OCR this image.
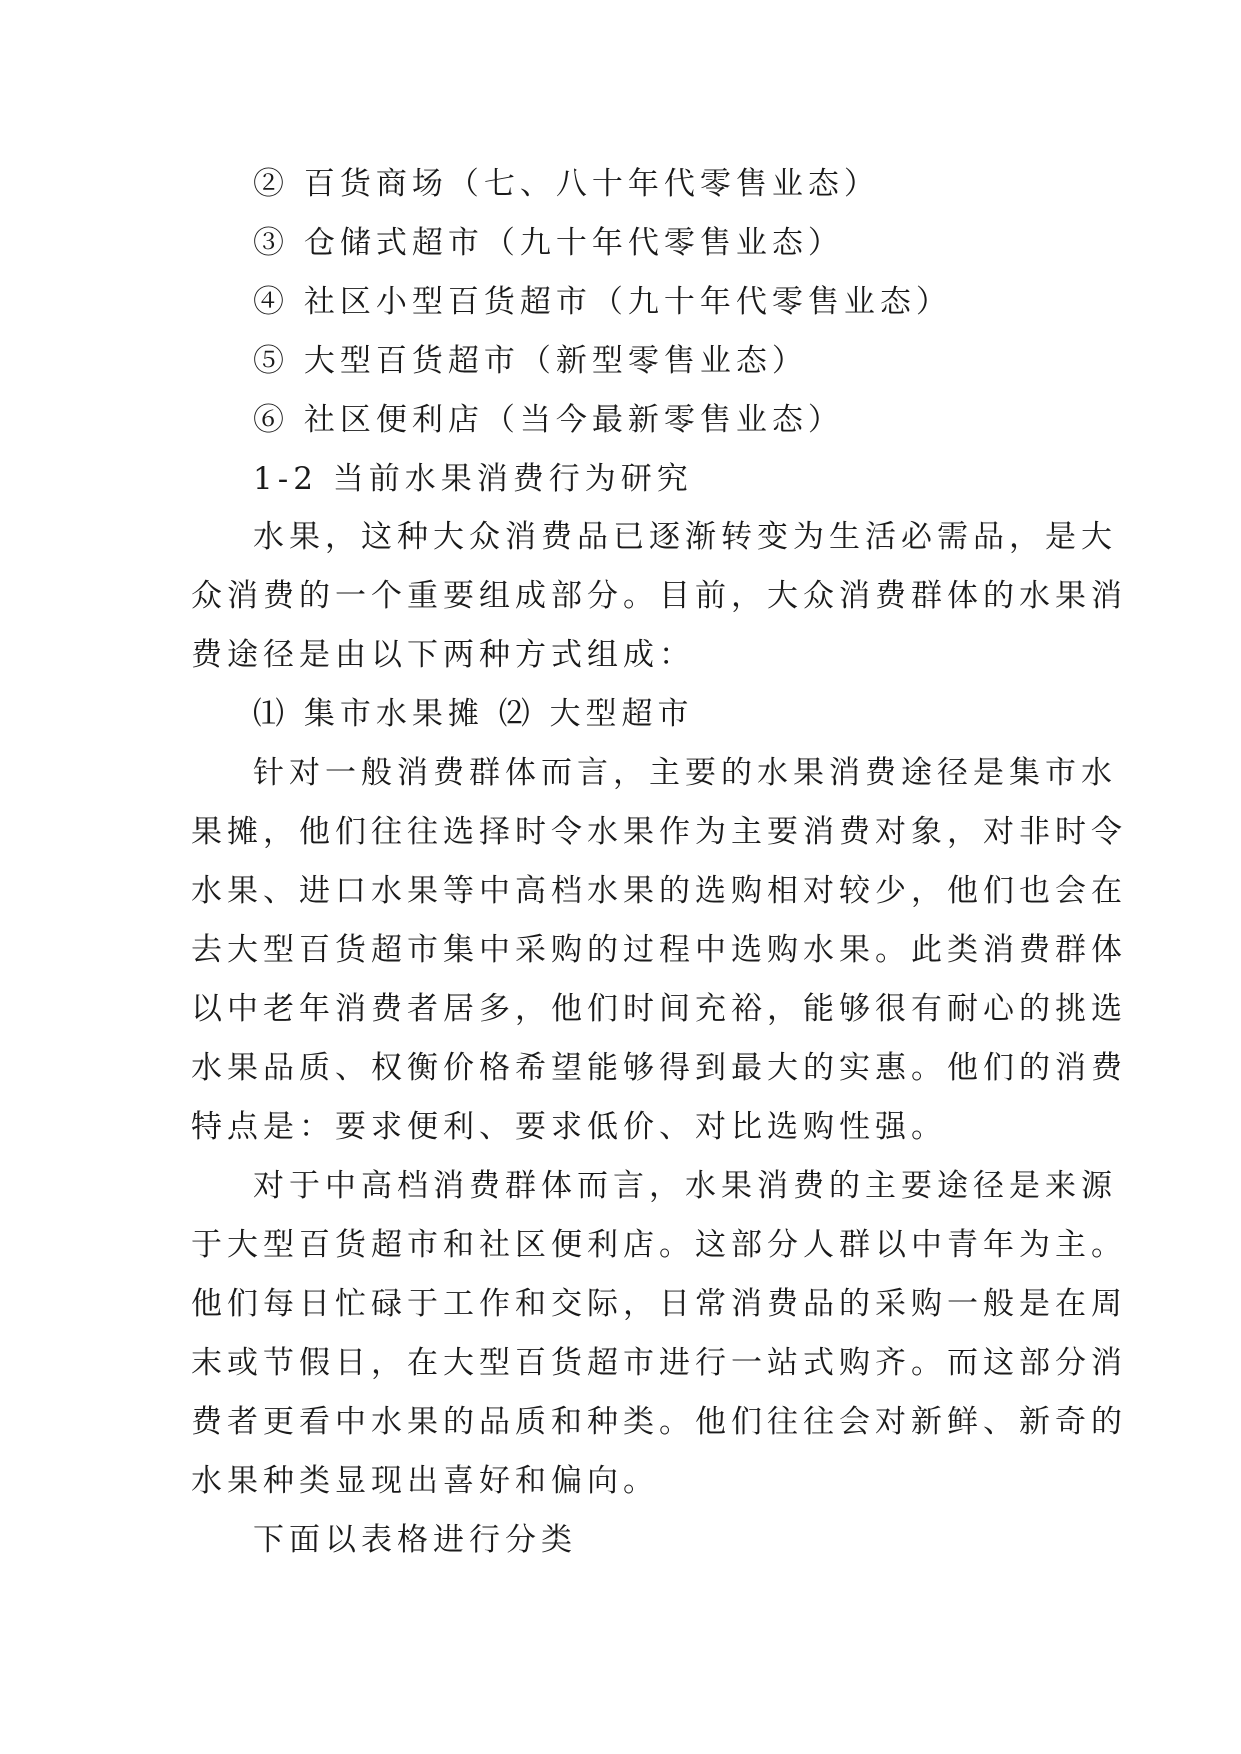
② 百货商场（七、八十年代零售业态）

③ 仓储式超市（九十年代零售业态）

④ 社区小型百货超市（九十年代零售业态）

⑤ 大型百货超市（新型零售业态）

⑥ 社区便利店（当今最新零售业态）

1-2 当前水果消费行为研究

水果，这种大众消费品已逐渐转变为生活必需品，是大

众消费的一个重要组成部分。目前，大众消费群体的水果消

费途径是由以下两种方式组成：

⑴ 集市水果摊 ⑵ 大型超市

针对一般消费群体而言，主要的水果消费途径是集市水

果摊，他们往往选择时令水果作为主要消费对象，对非时令

水果、进口水果等中高档水果的选购相对较少，他们也会在

去大型百货超市集中采购的过程中选购水果。此类消费群体

以中老年消费者居多，他们时间充裕，能够很有耐心的挑选

水果品质、权衡价格希望能够得到最大的实惠。他们的消费

特点是：要求便利、要求低价、对比选购性强。

对于中高档消费群体而言，水果消费的主要途径是来源

于大型百货超市和社区便利店。这部分人群以中青年为主。

他们每日忙碌于工作和交际，日常消费品的采购一般是在周

末或节假日，在大型百货超市进行一站式购齐。而这部分消

费者更看中水果的品质和种类。他们往往会对新鲜、新奇的

水果种类显现出喜好和偏向。

下面以表格进行分类
